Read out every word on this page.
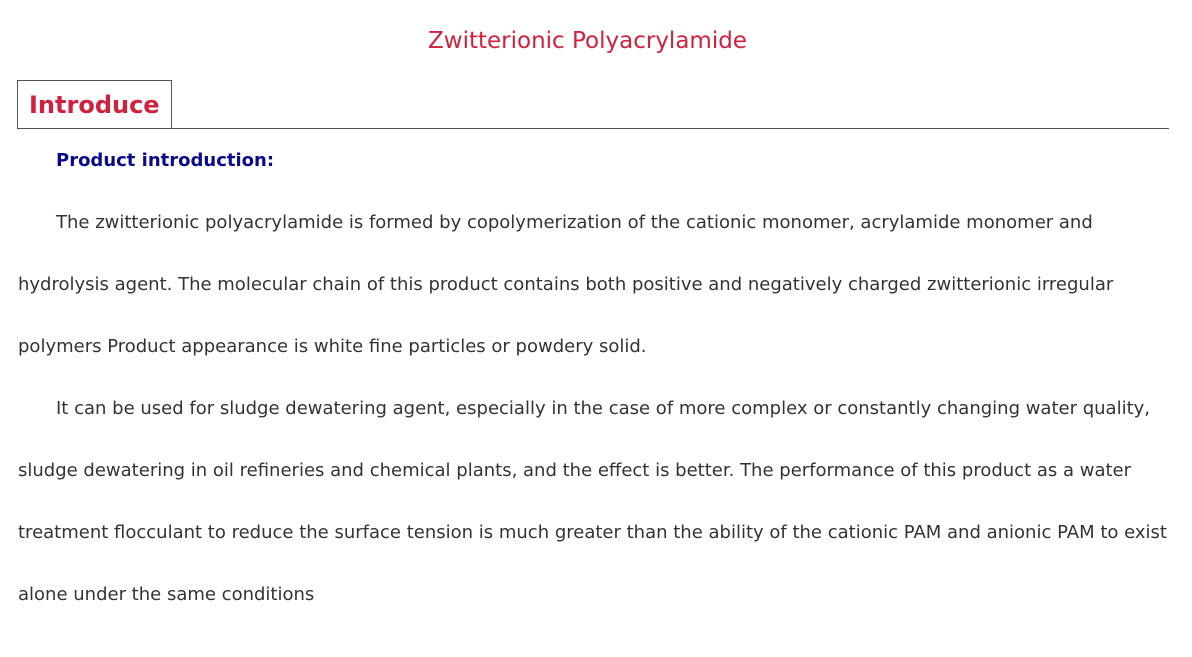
Zwitterionic Polyacrylamide
Introduce

Product introduction:

The zwitterionic polyacrylamide is formed by copolymerization of the cationic monomer, acrylamide monomer and hydrolysis agent. The molecular chain of this product contains both positive and negatively charged zwitterionic irregular polymers Product appearance is white fine particles or powdery solid.

It can be used for sludge dewatering agent, especially in the case of more complex or constantly changing water quality, sludge dewatering in oil refineries and chemical plants, and the effect is better. The performance of this product as a water treatment flocculant to reduce the surface tension is much greater than the ability of the cationic PAM and anionic PAM to exist alone under the same conditions
